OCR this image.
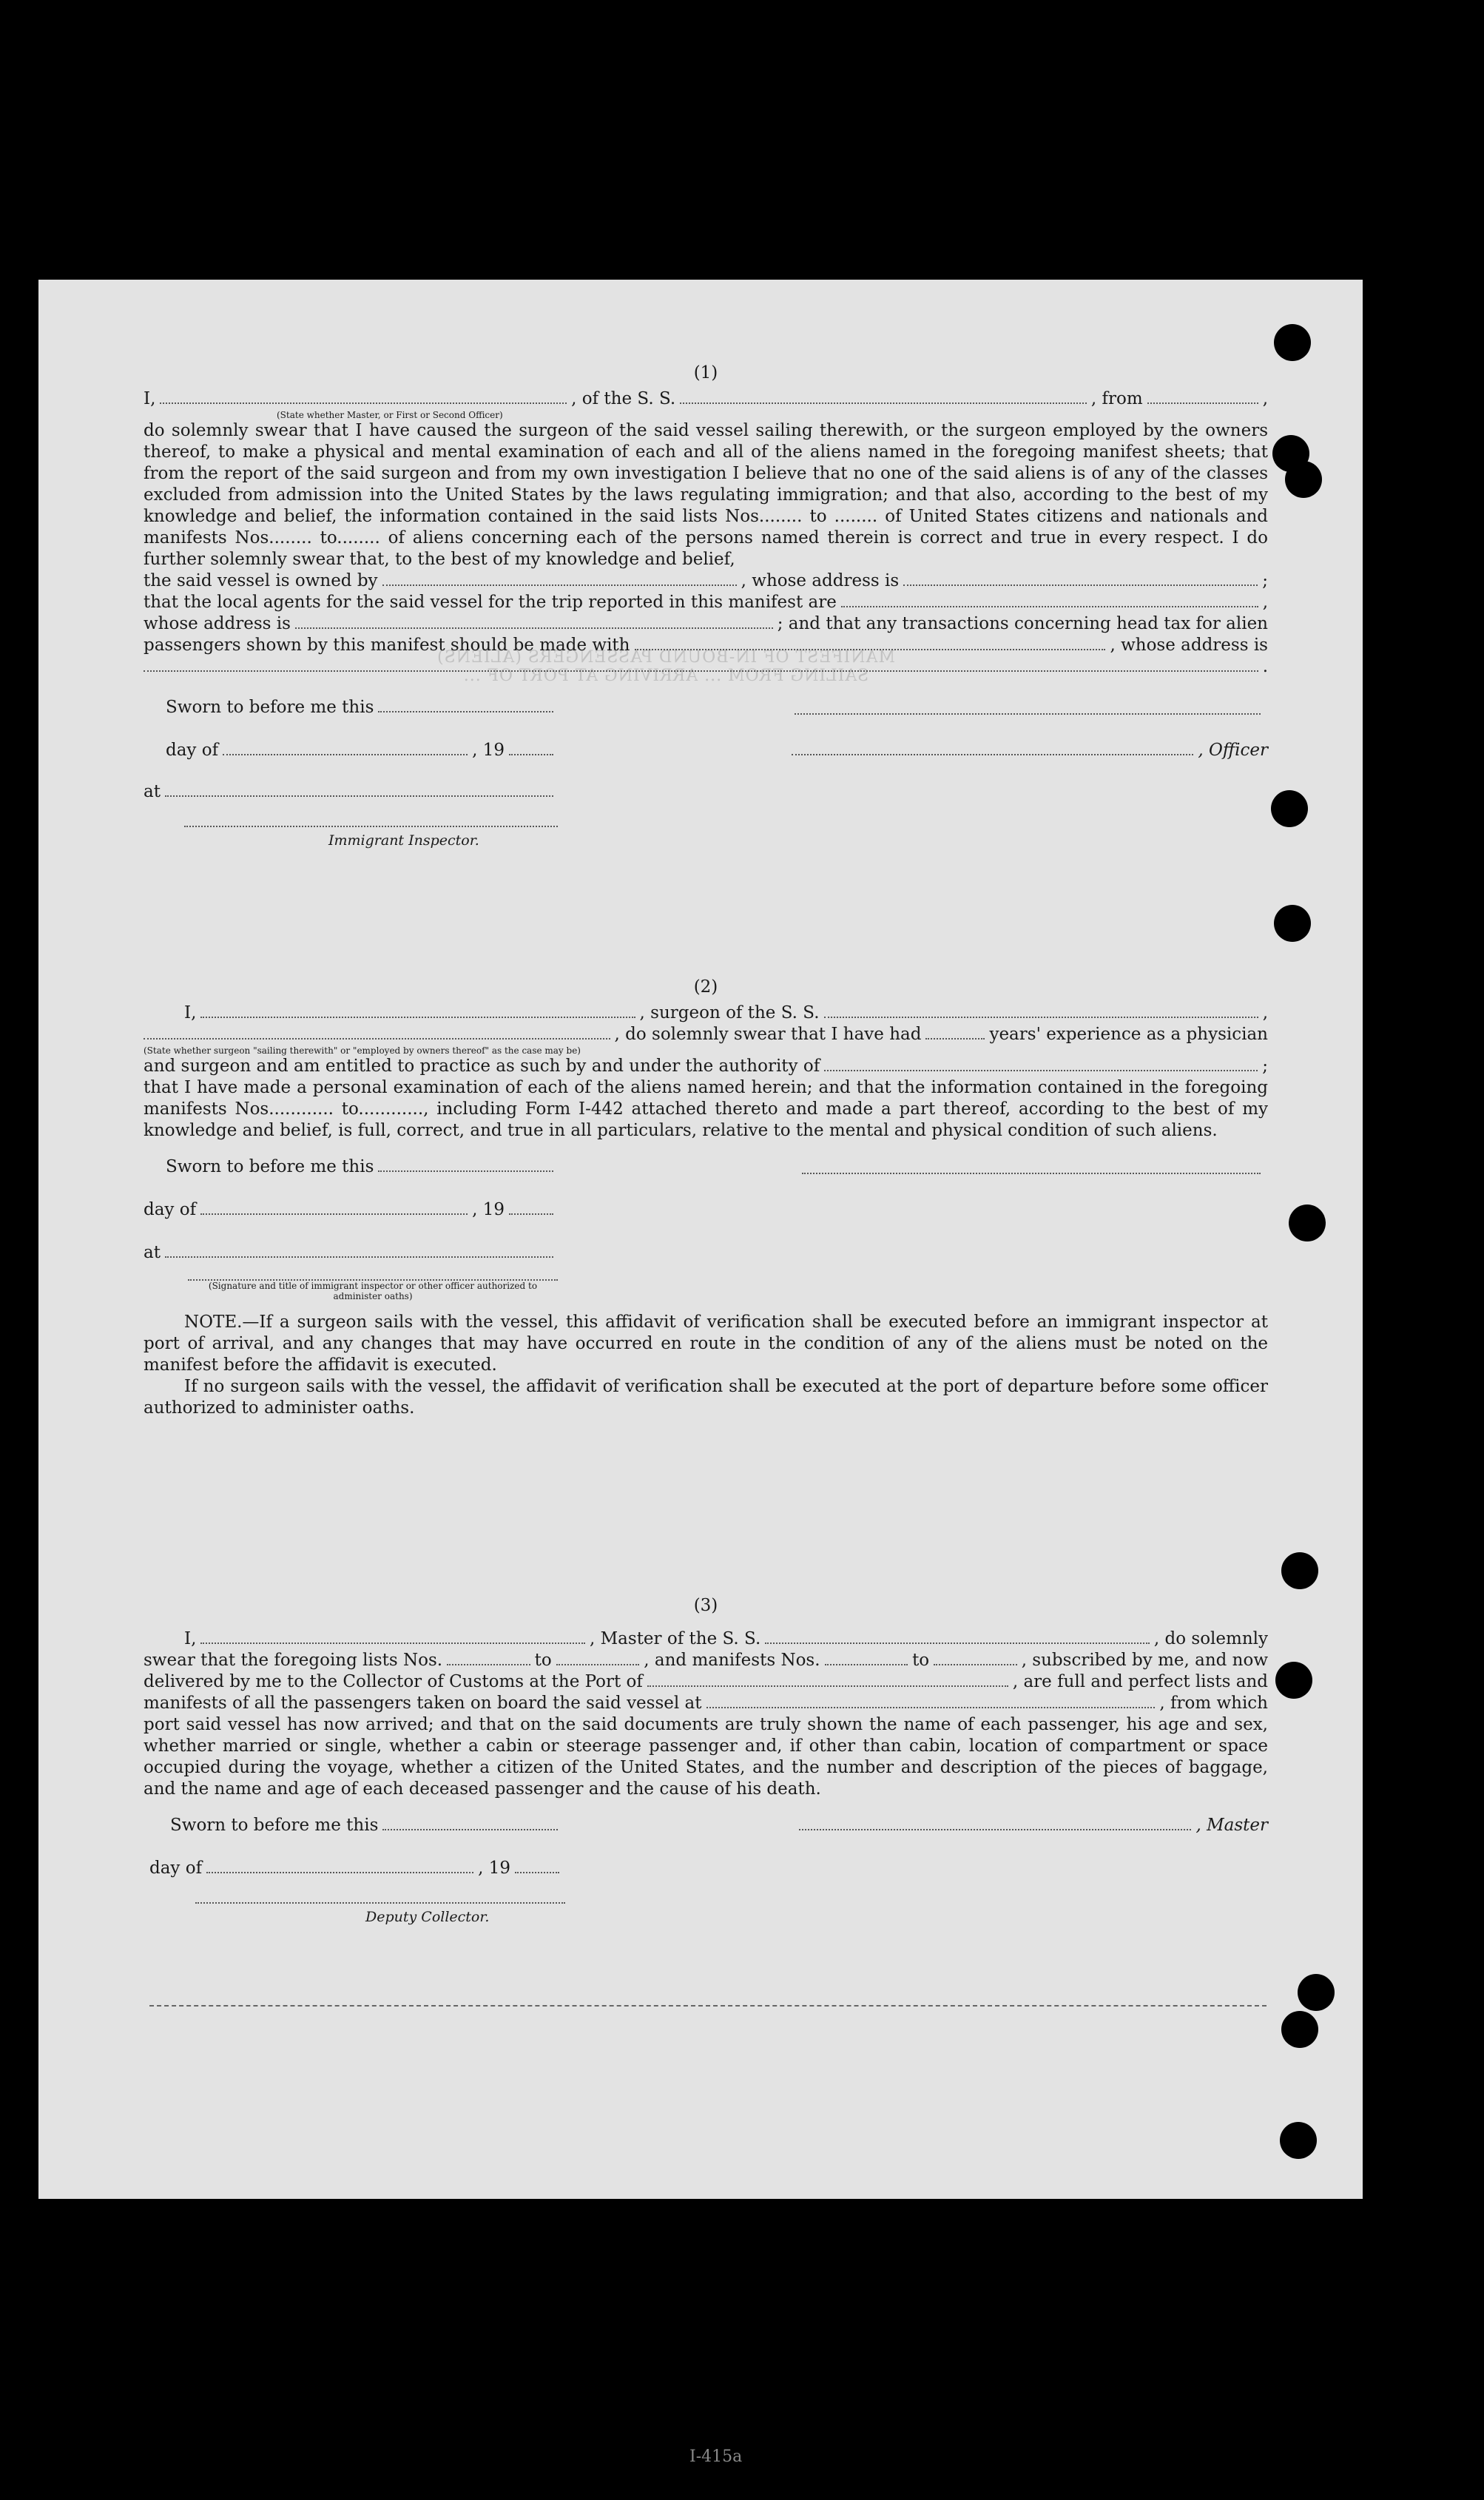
MANIFEST OF IN-BOUND PASSENGERS (ALIENS)
SAILING FROM ... ARRIVING AT PORT OF ...
(1)
I,	, of the S. S.	, from	,
(State whether Master, or First or Second Officer)

do solemnly swear that I have caused the surgeon of the said vessel sailing therewith, or the surgeon employed by the owners thereof, to make a physical and mental examination of each and all of the aliens named in the foregoing manifest sheets; that from the report of the said surgeon and from my own investigation I believe that no one of the said aliens is of any of the classes excluded from admission into the United States by the laws regulating immigration; and that also, according to the best of my knowledge and belief, the information contained in the said lists Nos........ to ........ of United States citizens and nationals and manifests Nos........ to........ of aliens concerning each of the persons named therein is correct and true in every respect. I do further solemnly swear that, to the best of my knowledge and belief,

the said vessel is owned by	, whose address is	;
that the local agents for the said vessel for the trip reported in this manifest are	,
whose address is	; and that any transactions concerning head tax for alien
passengers shown by this manifest should be made with	, whose address is
.
Sworn to before me this
day of	, 19	, Officer
at
Immigrant Inspector.
(2)
I,	, surgeon of the S. S.	,
, do solemnly swear that I have had	years' experience as a physician
(State whether surgeon "sailing therewith" or "employed by owners thereof" as the case may be)
and surgeon and am entitled to practice as such by and under the authority of	;

that I have made a personal examination of each of the aliens named herein; and that the information contained in the foregoing manifests Nos............ to............, including Form I-442 attached thereto and made a part thereof, according to the best of my knowledge and belief, is full, correct, and true in all particulars, relative to the mental and physical condition of such aliens.

Sworn to before me this
day of	, 19
at
(Signature and title of immigrant inspector or other officer authorized to administer oaths)

NOTE.—If a surgeon sails with the vessel, this affidavit of verification shall be executed before an immigrant inspector at port of arrival, and any changes that may have occurred en route in the condition of any of the aliens must be noted on the manifest before the affidavit is executed.

If no surgeon sails with the vessel, the affidavit of verification shall be executed at the port of departure before some officer authorized to administer oaths.

(3)
I,	, Master of the S. S.	, do solemnly
swear that the foregoing lists Nos.	to	, and manifests Nos.	to	, subscribed by me, and now
delivered by me to the Collector of Customs at the Port of	, are full and perfect lists and
manifests of all the passengers taken on board the said vessel at	, from which

port said vessel has now arrived; and that on the said documents are truly shown the name of each passenger, his age and sex, whether married or single, whether a cabin or steerage passenger and, if other than cabin, location of compartment or space occupied during the voyage, whether a citizen of the United States, and the number and description of the pieces of baggage, and the name and age of each deceased passenger and the cause of his death.

Sworn to before me this	, Master
day of	, 19
Deputy Collector.
I-415a
